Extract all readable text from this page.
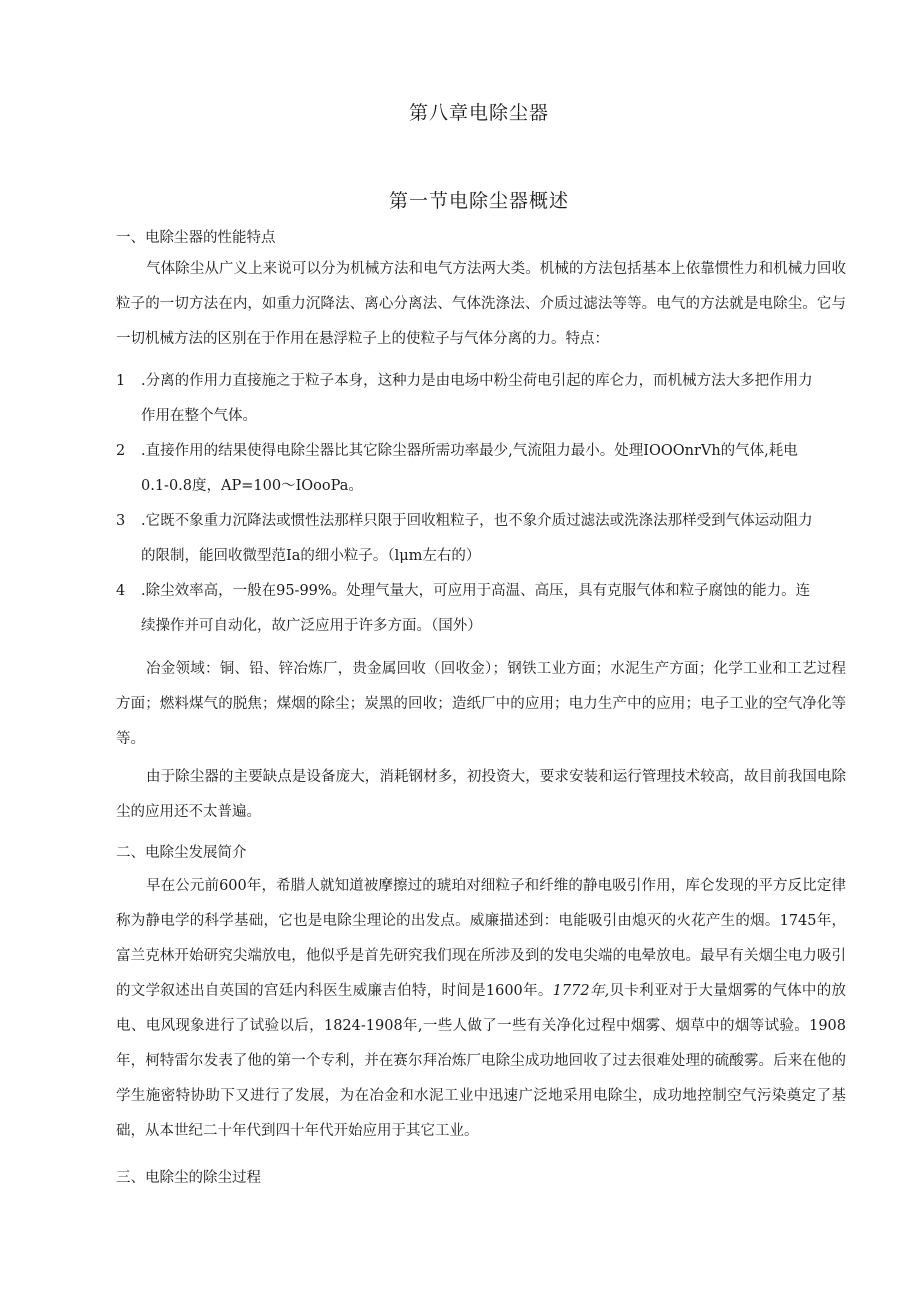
第八章电除尘器
第一节电除尘器概述
一、电除尘器的性能特点
气体除尘从广义上来说可以分为机械方法和电气方法两大类。机械的方法包括基本上依靠惯性力和机械力回收粒子的一切方法在内，如重力沉降法、离心分离法、气体洗涤法、介质过滤法等等。电气的方法就是电除尘。它与一切机械方法的区别在于作用在悬浮粒子上的使粒子与气体分离的力。特点：
1 .分离的作用力直接施之于粒子本身，这种力是由电场中粉尘荷电引起的库仑力，而机械方法大多把作用力
作用在整个气体。
2 .直接作用的结果使得电除尘器比其它除尘器所需功率最少,气流阻力最小。处理IOOOnrVh的气体,耗电
0.1-0.8度，AP=100～IOooPa。
3 .它既不象重力沉降法或惯性法那样只限于回收粗粒子，也不象介质过滤法或洗涤法那样受到气体运动阻力
的限制，能回收微型范Ia的细小粒子。（lμm左右的）
4 .除尘效率高，一般在95-99%。处理气量大，可应用于高温、高压，具有克服气体和粒子腐蚀的能力。连
续操作并可自动化，故广泛应用于许多方面。（国外）
冶金领域：铜、铅、锌冶炼厂，贵金属回收（回收金）；钢铁工业方面；水泥生产方面；化学工业和工艺过程方面；燃料煤气的脱焦；煤烟的除尘；炭黑的回收；造纸厂中的应用；电力生产中的应用；电子工业的空气净化等等。
由于除尘器的主要缺点是设备庞大，消耗钢材多，初投资大，要求安装和运行管理技术较高，故目前我国电除尘的应用还不太普遍。
二、电除尘发展简介
早在公元前600年，希腊人就知道被摩擦过的琥珀对细粒子和纤维的静电吸引作用，库仑发现的平方反比定律称为静电学的科学基础，它也是电除尘理论的出发点。威廉描述到：电能吸引由熄灭的火花产生的烟。1745年，富兰克林开始研究尖端放电，他似乎是首先研究我们现在所涉及到的发电尖端的电晕放电。最早有关烟尘电力吸引的文学叙述出自英国的宫廷内科医生威廉吉伯特，时间是1600年。1772年,贝卡利亚对于大量烟雾的气体中的放电、电风现象进行了试验以后，1824-1908年,一些人做了一些有关净化过程中烟雾、烟草中的烟等试验。1908年，柯特雷尔发表了他的第一个专利，并在赛尔拜冶炼厂电除尘成功地回收了过去很难处理的硫酸雾。后来在他的学生施密特协助下又进行了发展，为在冶金和水泥工业中迅速广泛地采用电除尘，成功地控制空气污染奠定了基础，从本世纪二十年代到四十年代开始应用于其它工业。
三、电除尘的除尘过程
